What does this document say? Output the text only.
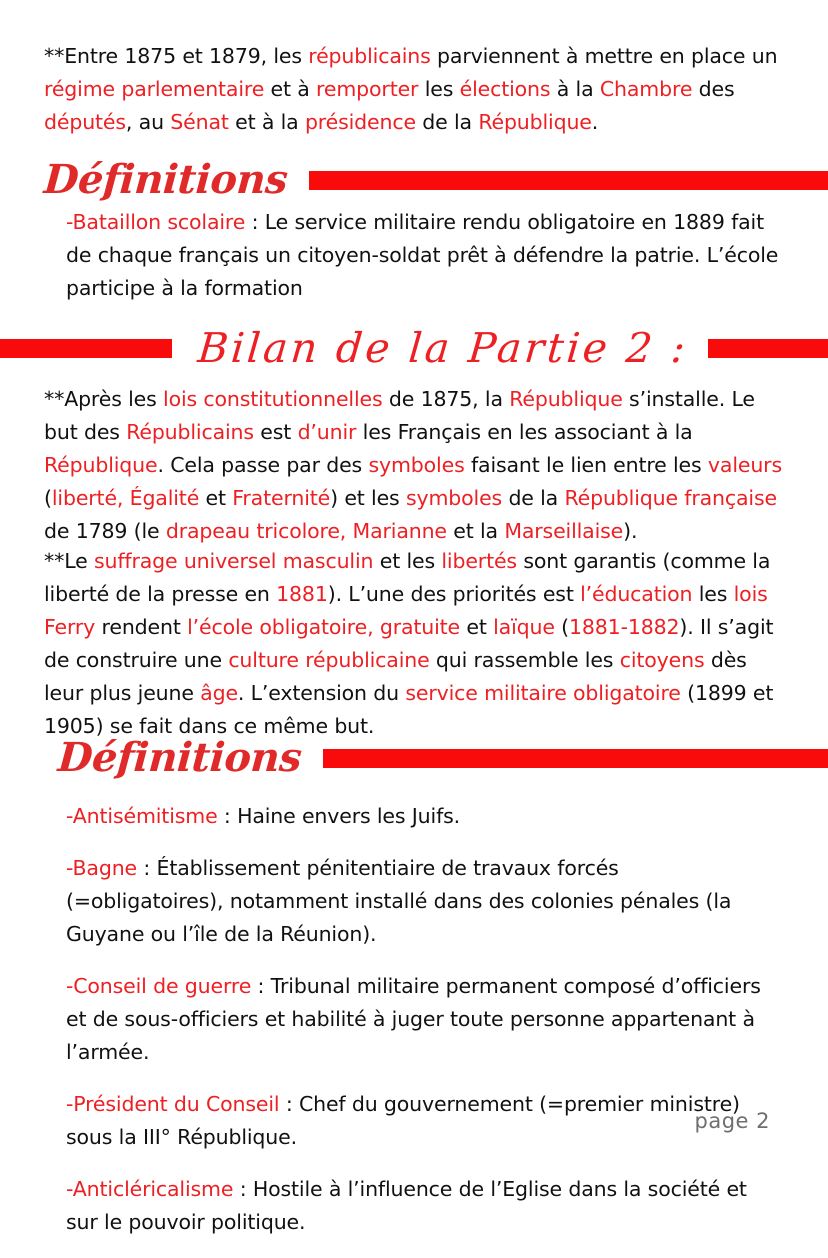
**Entre 1875 et 1879, les républicains parviennent à mettre en place un régime parlementaire et à remporter les élections à la Chambre des députés, au Sénat et à la présidence de la République.
Définitions
-Bataillon scolaire : Le service militaire rendu obligatoire en 1889 fait de chaque français un citoyen-soldat prêt à défendre la patrie. L’école participe à la formation
Bilan de la Partie 2 :
**Après les lois constitutionnelles de 1875, la République s’installe. Le but des Républicains est d’unir les Français en les associant à la République. Cela passe par des symboles faisant le lien entre les valeurs (liberté, Égalité et Fraternité) et les symboles de la République française de 1789 (le drapeau tricolore, Marianne et la Marseillaise).
**Le suffrage universel masculin et les libertés sont garantis (comme la liberté de la presse en 1881). L’une des priorités est l’éducation les lois Ferry rendent l’école obligatoire, gratuite et laïque (1881-1882). Il s’agit de construire une culture républicaine qui rassemble les citoyens dès leur plus jeune âge. L’extension du service militaire obligatoire (1899 et 1905) se fait dans ce même but.
Définitions
-Antisémitisme : Haine envers les Juifs.
-Bagne : Établissement pénitentiaire de travaux forcés (=obligatoires), notamment installé dans des colonies pénales (la Guyane ou l’île de la Réunion).
-Conseil de guerre : Tribunal militaire permanent composé d’officiers et de sous-officiers et habilité à juger toute personne appartenant à l’armée.
-Président du Conseil : Chef du gouvernement (=premier ministre) sous la III° République.
-Anticléricalisme : Hostile à l’influence de l’Eglise dans la société et sur le pouvoir politique.
page 2
